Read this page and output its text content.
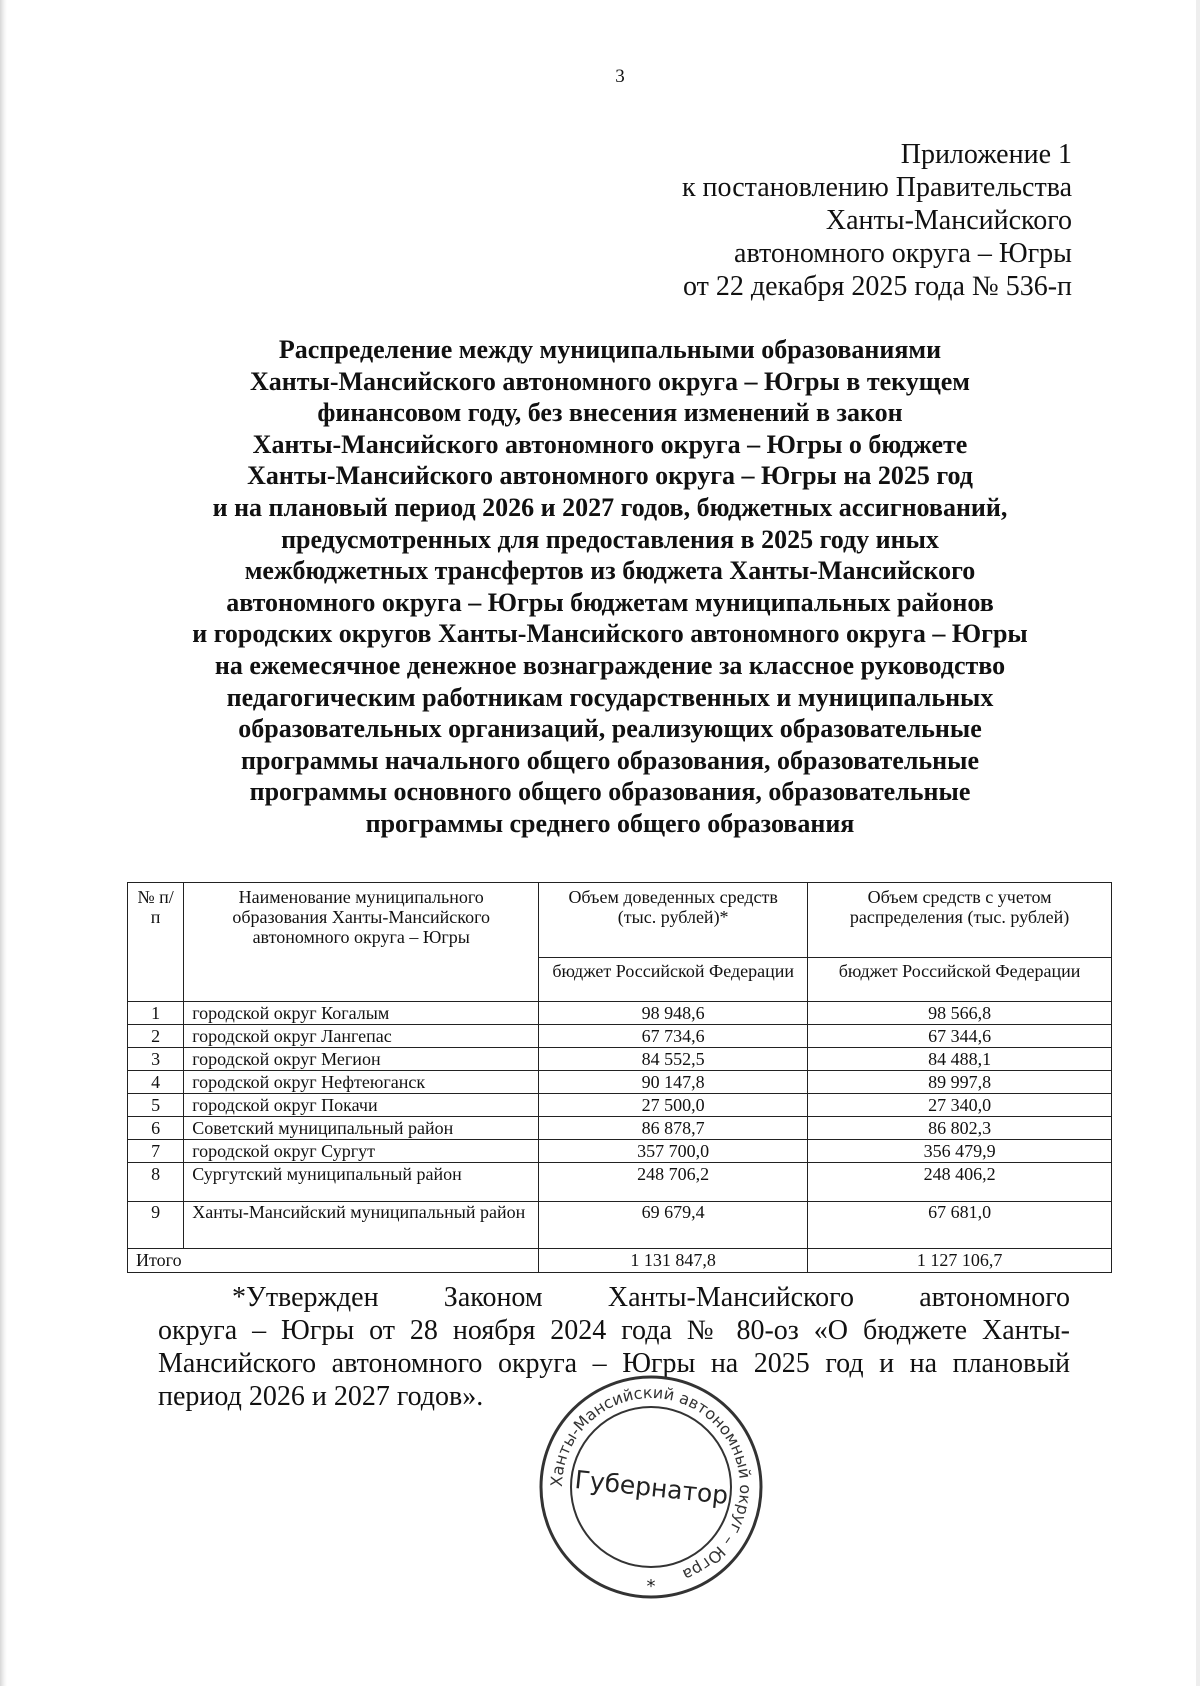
3
Приложение 1
к постановлению Правительства
Ханты-Мансийского
автономного округа – Югры
от 22 декабря 2025 года № 536-п
Распределение между муниципальными образованиями
Ханты-Мансийского автономного округа – Югры в текущем
финансовом году, без внесения изменений в закон
Ханты-Мансийского автономного округа – Югры о бюджете
Ханты-Мансийского автономного округа – Югры на 2025 год
и на плановый период 2026 и 2027 годов, бюджетных ассигнований,
предусмотренных для предоставления в 2025 году иных
межбюджетных трансфертов из бюджета Ханты-Мансийского
автономного округа – Югры бюджетам муниципальных районов
и городских округов Ханты-Мансийского автономного округа – Югры
на ежемесячное денежное вознаграждение за классное руководство
педагогическим работникам государственных и муниципальных
образовательных организаций, реализующих образовательные
программы начального общего образования, образовательные
программы основного общего образования, образовательные
программы среднего общего образования
№ п/п	Наименование муниципального образования Ханты-Мансийского автономного округа – Югры	Объем доведенных средств (тыс. рублей)*	Объем средств с учетом распределения (тыс. рублей)
		бюджет Российской Федерации	бюджет Российской Федерации
1	городской округ Когалым	98 948,6	98 566,8
2	городской округ Лангепас	67 734,6	67 344,6
3	городской округ Мегион	84 552,5	84 488,1
4	городской округ Нефтеюганск	90 147,8	89 997,8
5	городской округ Покачи	27 500,0	27 340,0
6	Советский муниципальный район	86 878,7	86 802,3
7	городской округ Сургут	357 700,0	356 479,9
8	Сургутский муниципальный район	248 706,2	248 406,2
9	Ханты-Мансийский муниципальный район	69 679,4	67 681,0
Итого		1 131 847,8	1 127 106,7

*Утвержден Законом Ханты-Мансийского автономного

округа – Югры от 28 ноября 2024 года № 80-оз «О бюджете Ханты-Мансийского автономного округа – Югры на 2025 год и на плановый период 2026 и 2027 годов».

Ханты-Мансийский автономный округ – Югра
Губернатор
*
